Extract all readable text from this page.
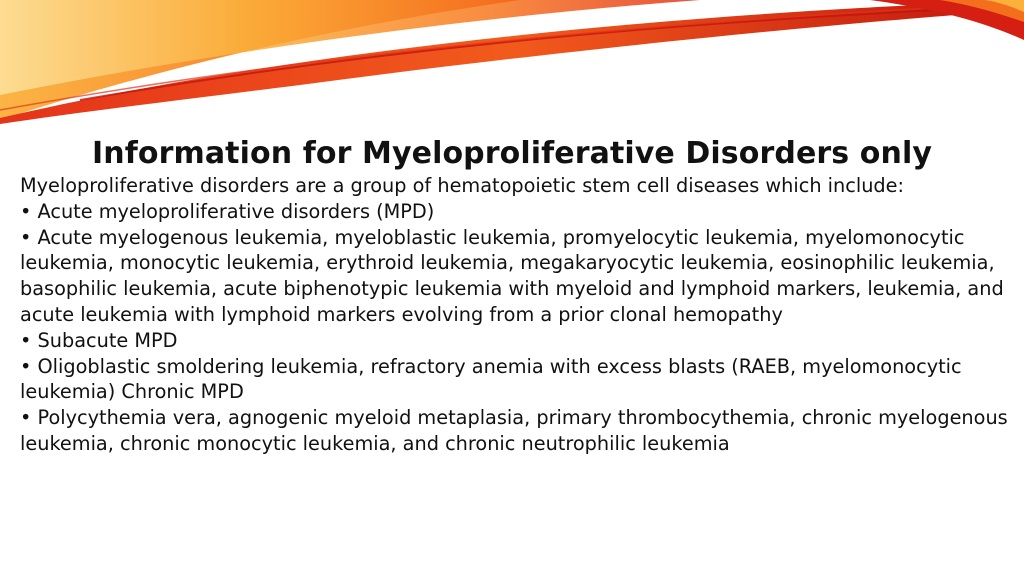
Information for Myeloproliferative Disorders only

Myeloproliferative disorders are a group of hematopoietic stem cell diseases which include:

• Acute myeloproliferative disorders (MPD)

• Acute myelogenous leukemia, myeloblastic leukemia, promyelocytic leukemia, myelomonocytic leukemia, monocytic leukemia, erythroid leukemia, megakaryocytic leukemia, eosinophilic leukemia, basophilic leukemia, acute biphenotypic leukemia with myeloid and lymphoid markers, leukemia, and acute leukemia with lymphoid markers evolving from a prior clonal hemopathy

• Subacute MPD

• Oligoblastic smoldering leukemia, refractory anemia with excess blasts (RAEB, myelomonocytic leukemia) Chronic MPD

• Polycythemia vera, agnogenic myeloid metaplasia, primary thrombocythemia, chronic myelogenous leukemia, chronic monocytic leukemia, and chronic neutrophilic leukemia
